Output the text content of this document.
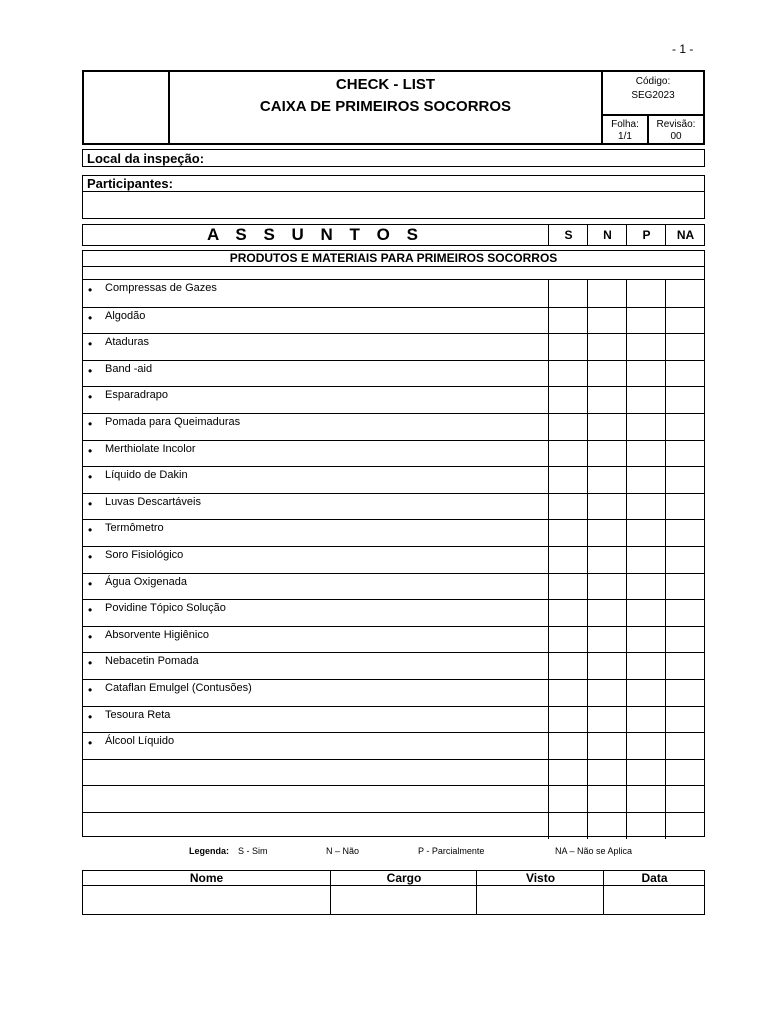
- 1 -
CHECK - LIST
CAIXA DE PRIMEIROS SOCORROS
Código:
SEG2023
Folha:
1/1
Revisão:
00
Local da inspeção:
Participantes:
A S S U N T O S	S	N	P	NA
PRODUTOS E MATERIAIS PARA PRIMEIROS SOCORROS
• Compressas de Gazes
• Algodão
• Ataduras
• Band -aid
• Esparadrapo
• Pomada para Queimaduras
• Merthiolate Incolor
• Líquido de Dakin
• Luvas Descartáveis
• Termômetro
• Soro Fisiológico
• Água Oxigenada
• Povidine Tópico Solução
• Absorvente Higiênico
• Nebacetin Pomada
• Cataflan Emulgel (Contusões)
• Tesoura Reta
• Álcool Líquido
Legenda: S - Sim	N – Não	P - Parcialmente	NA – Não se Aplica
Nome	Cargo	Visto	Data
